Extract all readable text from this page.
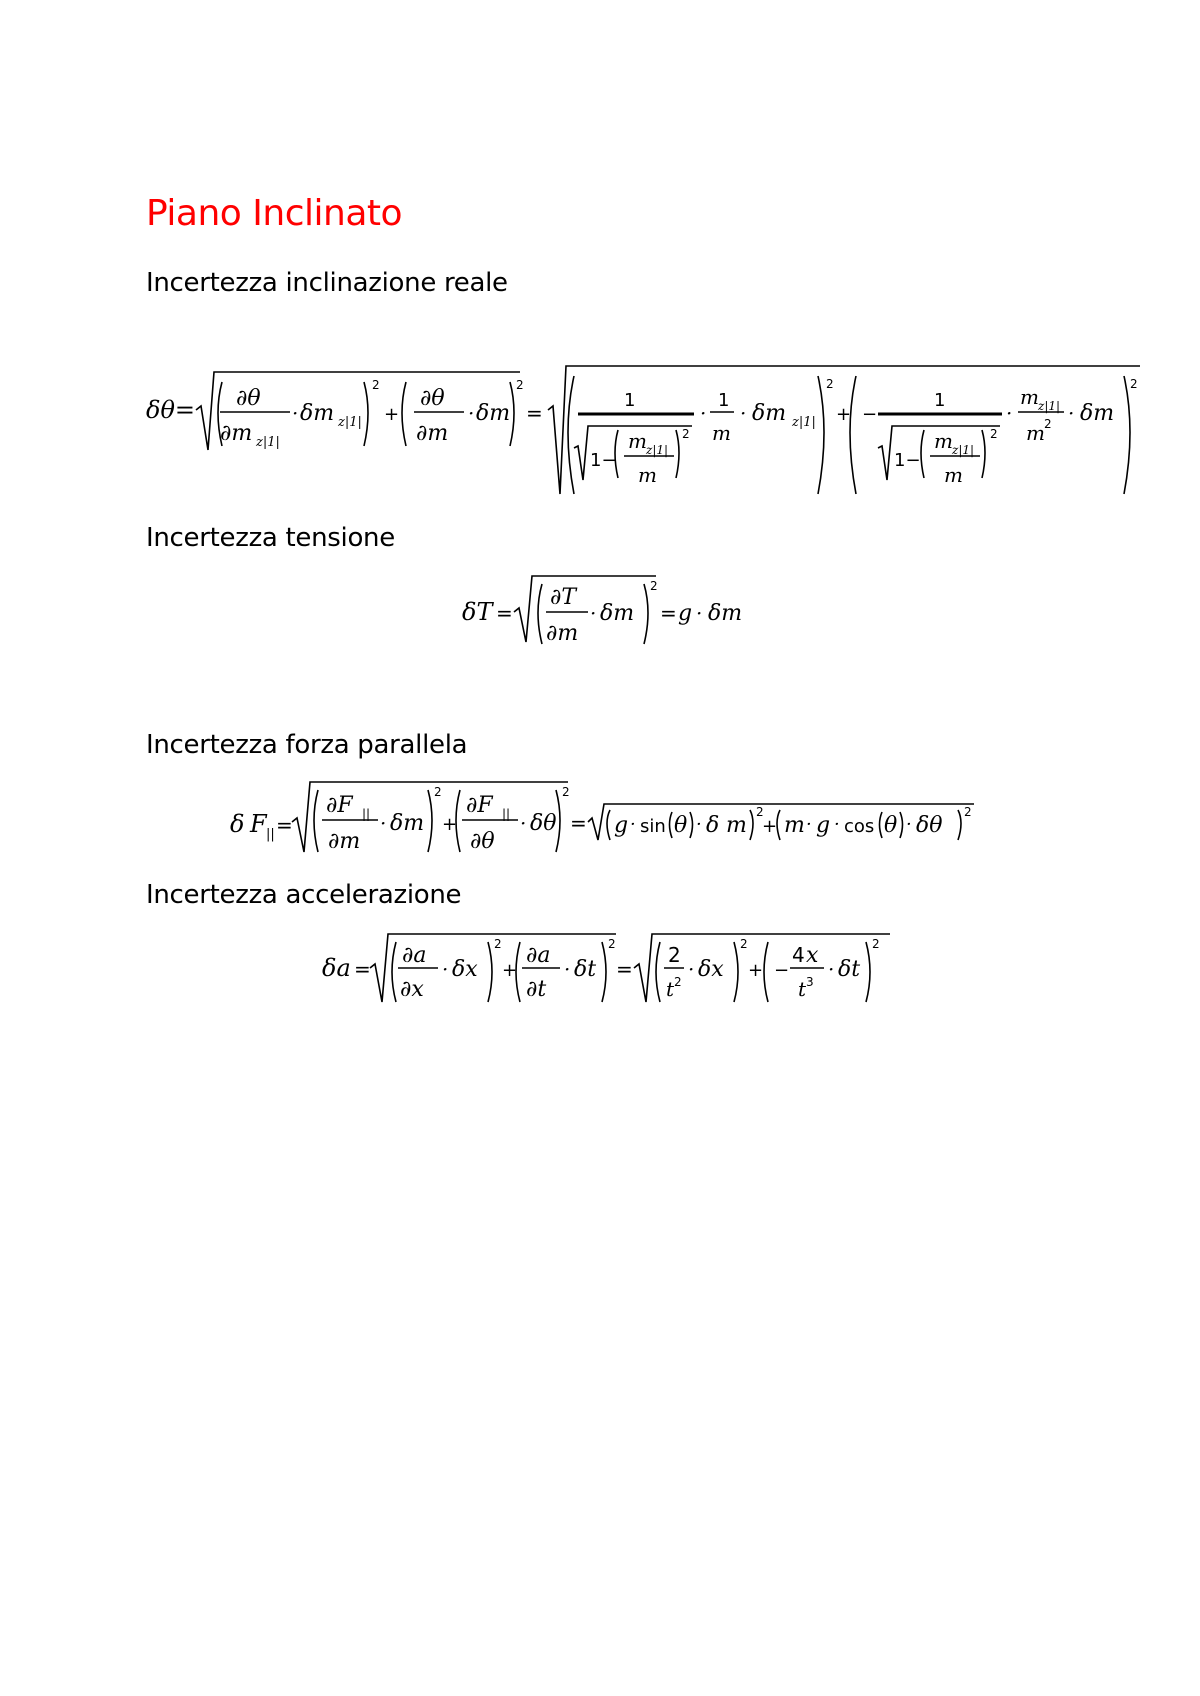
Piano Inclinato
Incertezza inclinazione reale
δθ= ∂θ
∂m z|1|
· δm z|1|
2
+
∂θ
∂m
· δm
2
=
1
1−
m z|1|
m
2
·
1
m
· δm z|1|
2
+ −
1
1−
m z|1|
m
2
·
m z|1|
m 2 · δm
2
Incertezza tensione
δT =
∂T
∂m
· δm
2
= g · δm
Incertezza forza parallela
δ F || =
∂F ||
∂m
· δm
2
+
∂F ||
∂θ
· δθ
2
= g · sin θ · δ m
2
+ m · g · cos θ · δθ
2
Incertezza accelerazione
δa =
∂a
∂x
· δx
2
+
∂a
∂t
· δt
2
=
2
t 2
· δx
2
+ −
4 x
t 3
· δt
2
